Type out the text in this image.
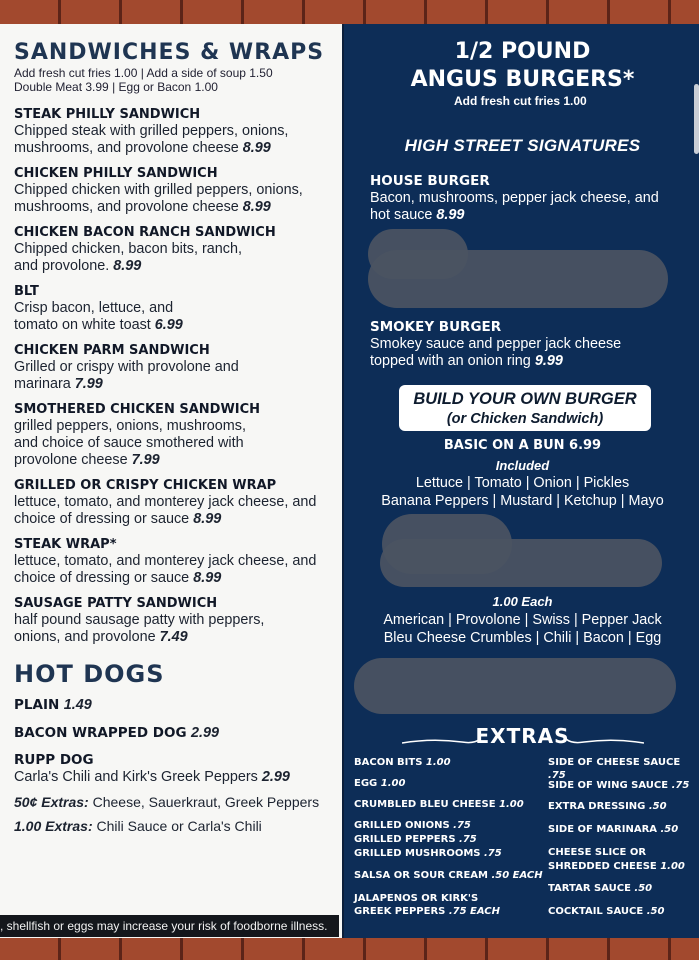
SANDWICHES & WRAPS
Add fresh cut fries 1.00 | Add a side of soup 1.50
Double Meat 3.99 | Egg or Bacon 1.00
STEAK PHILLY SANDWICH
Chipped steak with grilled peppers, onions, mushrooms, and provolone cheese 8.99
CHICKEN PHILLY SANDWICH
Chipped chicken with grilled peppers, onions, mushrooms, and provolone cheese 8.99
CHICKEN BACON RANCH SANDWICH
Chipped chicken, bacon bits, ranch, and provolone. 8.99
BLT
Crisp bacon, lettuce, and tomato on white toast 6.99
CHICKEN PARM SANDWICH
Grilled or crispy with provolone and marinara 7.99
SMOTHERED CHICKEN SANDWICH
grilled peppers, onions, mushrooms, and choice of sauce smothered with provolone cheese 7.99
GRILLED OR CRISPY CHICKEN WRAP
lettuce, tomato, and monterey jack cheese, and choice of dressing or sauce 8.99
STEAK WRAP*
lettuce, tomato, and monterey jack cheese, and choice of dressing or sauce 8.99
SAUSAGE PATTY SANDWICH
half pound sausage patty with peppers, onions, and provolone 7.49
HOT DOGS
PLAIN 1.49
BACON WRAPPED DOG 2.99
RUPP DOG
Carla's Chili and Kirk's Greek Peppers 2.99
50¢ Extras: Cheese, Sauerkraut, Greek Peppers
1.00 Extras: Chili Sauce or Carla's Chili
, shellfish or eggs may increase your risk of foodborne illness.
1/2 POUND
ANGUS BURGERS*
Add fresh cut fries 1.00
HIGH STREET SIGNATURES
HOUSE BURGER
Bacon, mushrooms, pepper jack cheese, and hot sauce 8.99
SMOKEY BURGER
Smokey sauce and pepper jack cheese topped with an onion ring 9.99
BUILD YOUR OWN BURGER
(or Chicken Sandwich)
BASIC ON A BUN 6.99
Included
Lettuce | Tomato | Onion | Pickles
Banana Peppers | Mustard | Ketchup | Mayo
1.00 Each
American | Provolone | Swiss | Pepper Jack
Bleu Cheese Crumbles | Chili | Bacon | Egg
EXTRAS
BACON BITS 1.00
EGG 1.00
CRUMBLED BLEU CHEESE 1.00
GRILLED ONIONS .75
GRILLED PEPPERS .75
GRILLED MUSHROOMS .75
SALSA OR SOUR CREAM .50 EACH
JALAPENOS OR KIRK'S
GREEK PEPPERS .75 EACH
SIDE OF CHEESE SAUCE .75
SIDE OF WING SAUCE .75
EXTRA DRESSING .50
SIDE OF MARINARA .50
CHEESE SLICE OR
SHREDDED CHEESE 1.00
TARTAR SAUCE .50
COCKTAIL SAUCE .50
